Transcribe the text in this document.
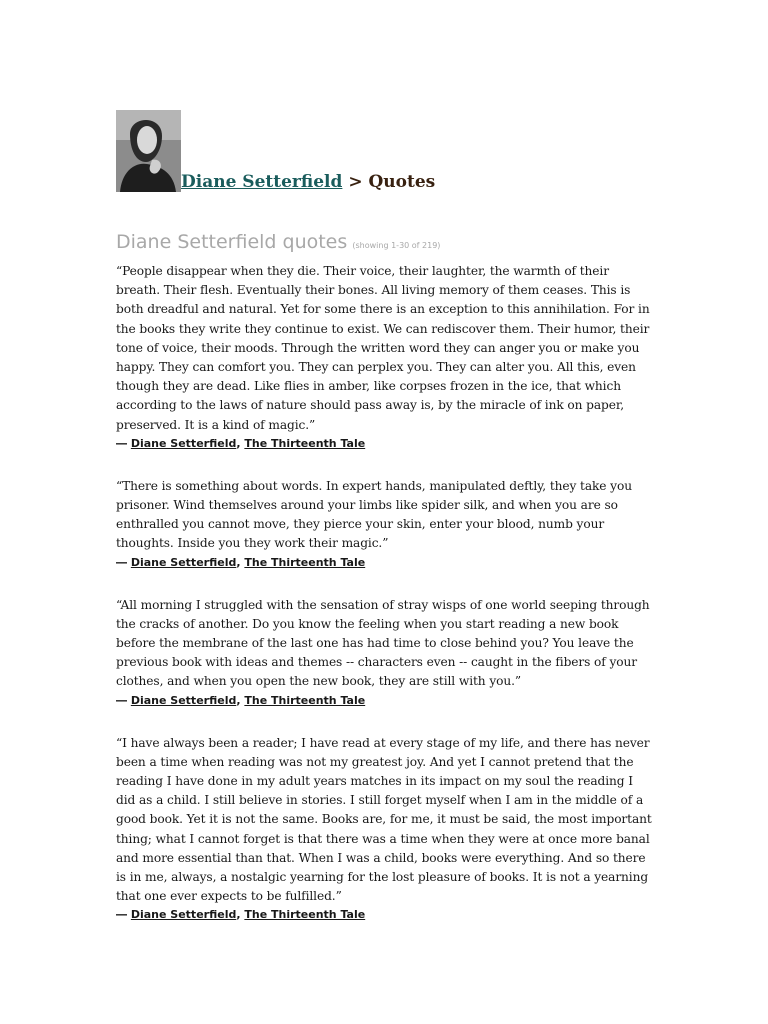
Diane Setterfield > Quotes
Diane Setterfield quotes (showing 1-30 of 219)
“People disappear when they die. Their voice, their laughter, the warmth of their breath. Their flesh. Eventually their bones. All living memory of them ceases. This is both dreadful and natural. Yet for some there is an exception to this annihilation. For in the books they write they continue to exist. We can rediscover them. Their humor, their tone of voice, their moods. Through the written word they can anger you or make you happy. They can comfort you. They can perplex you. They can alter you. All this, even though they are dead. Like flies in amber, like corpses frozen in the ice, that which according to the laws of nature should pass away is, by the miracle of ink on paper, preserved. It is a kind of magic.”
― Diane Setterfield, The Thirteenth Tale
“There is something about words. In expert hands, manipulated deftly, they take you prisoner. Wind themselves around your limbs like spider silk, and when you are so enthralled you cannot move, they pierce your skin, enter your blood, numb your thoughts. Inside you they work their magic.”
― Diane Setterfield, The Thirteenth Tale
“All morning I struggled with the sensation of stray wisps of one world seeping through the cracks of another. Do you know the feeling when you start reading a new book before the membrane of the last one has had time to close behind you? You leave the previous book with ideas and themes -- characters even -- caught in the fibers of your clothes, and when you open the new book, they are still with you.”
― Diane Setterfield, The Thirteenth Tale
“I have always been a reader; I have read at every stage of my life, and there has never been a time when reading was not my greatest joy. And yet I cannot pretend that the reading I have done in my adult years matches in its impact on my soul the reading I did as a child. I still believe in stories. I still forget myself when I am in the middle of a good book. Yet it is not the same. Books are, for me, it must be said, the most important thing; what I cannot forget is that there was a time when they were at once more banal and more essential than that. When I was a child, books were everything. And so there is in me, always, a nostalgic yearning for the lost pleasure of books. It is not a yearning that one ever expects to be fulfilled.”
― Diane Setterfield, The Thirteenth Tale
